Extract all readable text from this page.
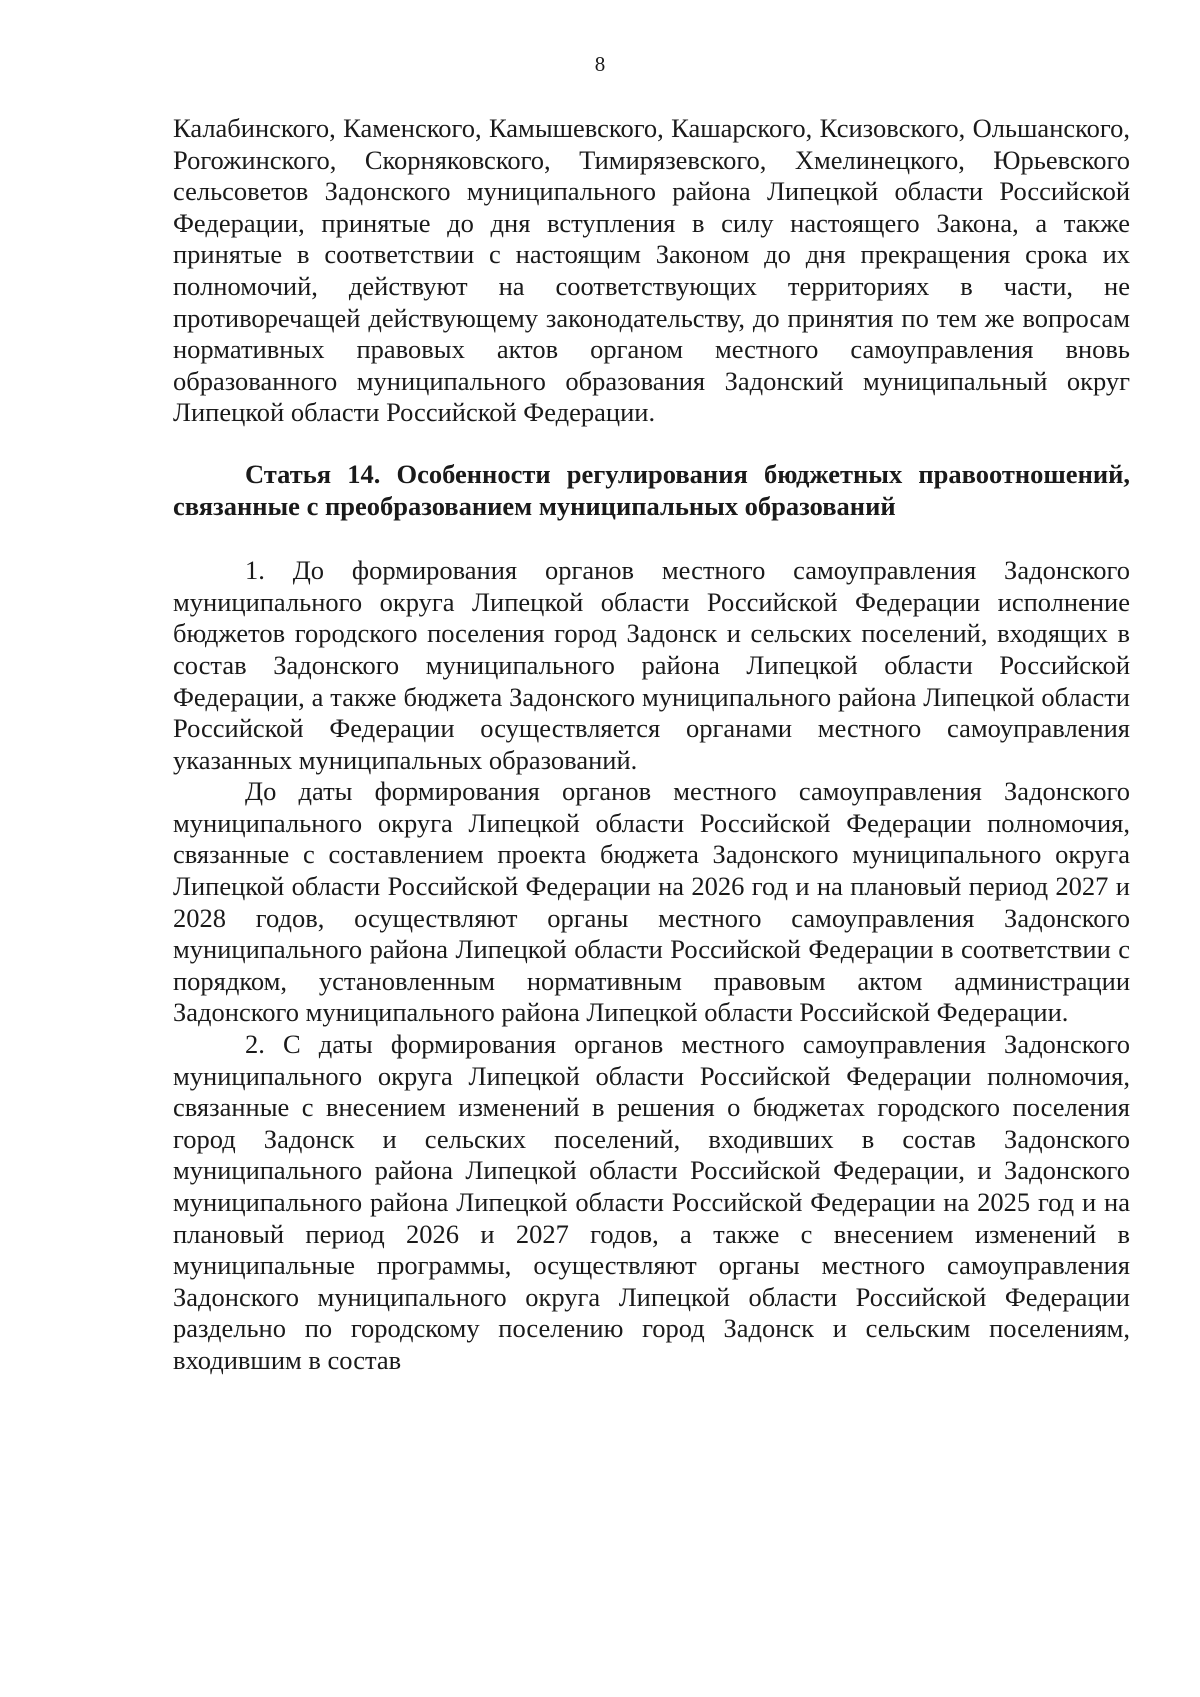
8

Калабинского, Каменского, Камышевского, Кашарского, Ксизовского, Ольшанского, Рогожинского, Скорняковского, Тимирязевского, Хмелинецкого, Юрьевского сельсоветов Задонского муниципального района Липецкой области Российской Федерации, принятые до дня вступления в силу настоящего Закона, а также принятые в соответствии с настоящим Законом до дня прекращения срока их полномочий, действуют на соответствующих территориях в части, не противоречащей действующему законодательству, до принятия по тем же вопросам нормативных правовых актов органом местного самоуправления вновь образованного муниципального образования Задонский муниципальный округ Липецкой области Российской Федерации.

Статья 14. Особенности регулирования бюджетных правоотношений, связанные с преобразованием муниципальных образований

1. До формирования органов местного самоуправления Задонского муниципального округа Липецкой области Российской Федерации исполнение бюджетов городского поселения город Задонск и сельских поселений, входящих в состав Задонского муниципального района Липецкой области Российской Федерации, а также бюджета Задонского муниципального района Липецкой области Российской Федерации осуществляется органами местного самоуправления указанных муниципальных образований.

До даты формирования органов местного самоуправления Задонского муниципального округа Липецкой области Российской Федерации полномочия, связанные с составлением проекта бюджета Задонского муниципального округа Липецкой области Российской Федерации на 2026 год и на плановый период 2027 и 2028 годов, осуществляют органы местного самоуправления Задонского муниципального района Липецкой области Российской Федерации в соответствии с порядком, установленным нормативным правовым актом администрации Задонского муниципального района Липецкой области Российской Федерации.

2. С даты формирования органов местного самоуправления Задонского муниципального округа Липецкой области Российской Федерации полномочия, связанные с внесением изменений в решения о бюджетах городского поселения город Задонск и сельских поселений, входивших в состав Задонского муниципального района Липецкой области Российской Федерации, и Задонского муниципального района Липецкой области Российской Федерации на 2025 год и на плановый период 2026 и 2027 годов, а также с внесением изменений в муниципальные программы, осуществляют органы местного самоуправления Задонского муниципального округа Липецкой области Российской Федерации раздельно по городскому поселению город Задонск и сельским поселениям, входившим в состав
